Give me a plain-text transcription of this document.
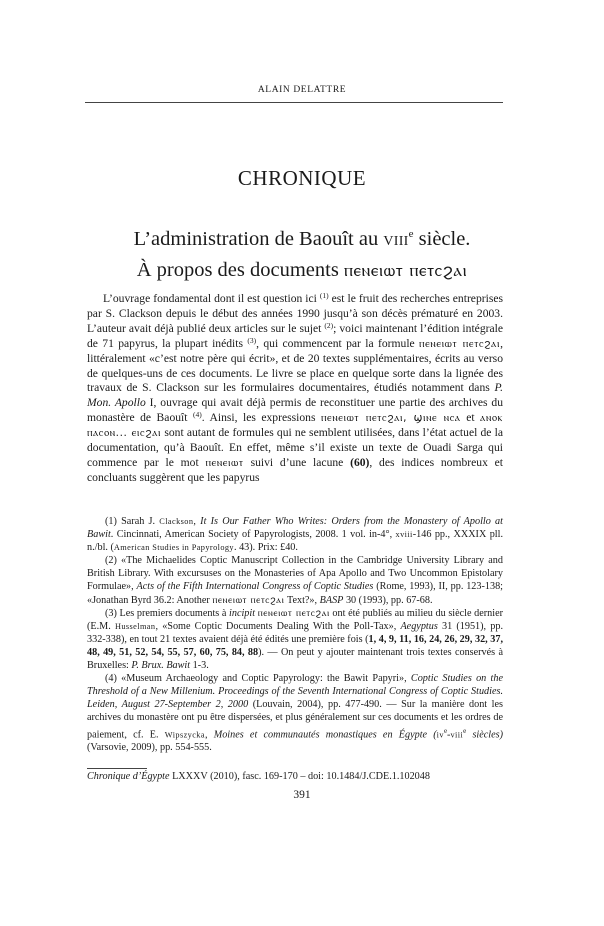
ALAIN DELATTRE
CHRONIQUE
L’administration de Baouît au VIIIe siècle.
À propos des documents ⲡⲉⲛⲉⲓⲱⲧ ⲡⲉⲧⲥϩⲁⲓ

L’ouvrage fondamental dont il est question ici $^{(1)}$ est le fruit des recherches entreprises par S. Clackson depuis le début des années 1990 jusqu’à son décès prématuré en 2003. L’auteur avait déjà publié deux articles sur le sujet $^{(2)}$; voici maintenant l’édition intégrale de 71 papyrus, la plupart inédits $^{(3)}$, qui commencent par la formule ⲡⲉⲛⲉⲓⲱⲧ ⲡⲉⲧⲥϩⲁⲓ, littéralement «c’est notre père qui écrit», et de 20 textes supplémentaires, écrits au verso de quelques-uns de ces documents. Le livre se place en quelque sorte dans la lignée des travaux de S. Clackson sur les formulaires documentaires, étudiés notamment dans P. Mon. Apollo I, ouvrage qui avait déjà permis de reconstituer une partie des archives du monastère de Baouît $^{(4)}$. Ainsi, les expressions ⲡⲉⲛⲉⲓⲱⲧ ⲡⲉⲧⲥϩⲁⲓ, ϣⲓⲛⲉ ⲛⲥⲁ et ⲁⲛⲟⲕ ⲡⲁⲥⲟⲛ... ⲉⲓⲥϩⲁⲓ sont autant de formules qui ne semblent utilisées, dans l’état actuel de la documentation, qu’à Baouît. En effet, même s’il existe un texte de Ouadi Sarga qui commence par le mot ⲡⲉⲛⲉⲓⲱⲧ suivi d’une lacune (60), des indices nombreux et concluants suggèrent que les papyrus

(1) Sarah J. Clackson, It Is Our Father Who Writes: Orders from the Monastery of Apollo at Bawit. Cincinnati, American Society of Papyrologists, 2008. 1 vol. in-4°, xviii-146 pp., XXXIX pll. n./bl. (American Studies in Papyrology. 43). Prix: £40.

(2) «The Michaelides Coptic Manuscript Collection in the Cambridge University Library and British Library. With excursuses on the Monasteries of Apa Apollo and Two Uncommon Epistolary Formulae», Acts of the Fifth International Congress of Coptic Studies (Rome, 1993), II, pp. 123-138; «Jonathan Byrd 36.2: Another ⲡⲉⲛⲉⲓⲱⲧ ⲡⲉⲧⲥϩⲁⲓ Text?», BASP 30 (1993), pp. 67-68.

(3) Les premiers documents à incipit ⲡⲉⲛⲉⲓⲱⲧ ⲡⲉⲧⲥϩⲁⲓ ont été publiés au milieu du siècle dernier (E.M. Husselman, «Some Coptic Documents Dealing With the Poll-Tax», Aegyptus 31 (1951), pp. 332-338), en tout 21 textes avaient déjà été édités une première fois (1, 4, 9, 11, 16, 24, 26, 29, 32, 37, 48, 49, 51, 52, 54, 55, 57, 60, 75, 84, 88). — On peut y ajouter maintenant trois textes conservés à Bruxelles: P. Brux. Bawit 1-3.

(4) «Museum Archaeology and Coptic Papyrology: the Bawit Papyri», Coptic Studies on the Threshold of a New Millenium. Proceedings of the Seventh International Congress of Coptic Studies. Leiden, August 27-September 2, 2000 (Louvain, 2004), pp. 477-490. — Sur la manière dont les archives du monastère ont pu être dispersées, et plus généralement sur ces documents et les ordres de paiement, cf. E. Wipszycka, Moines et communautés monastiques en Égypte ($iv^e-viii^e$ siècles) (Varsovie, 2009), pp. 554-555.

Chronique d’Égypte LXXXV (2010), fasc. 169-170 – doi: 10.1484/J.CDE.1.102048
391
